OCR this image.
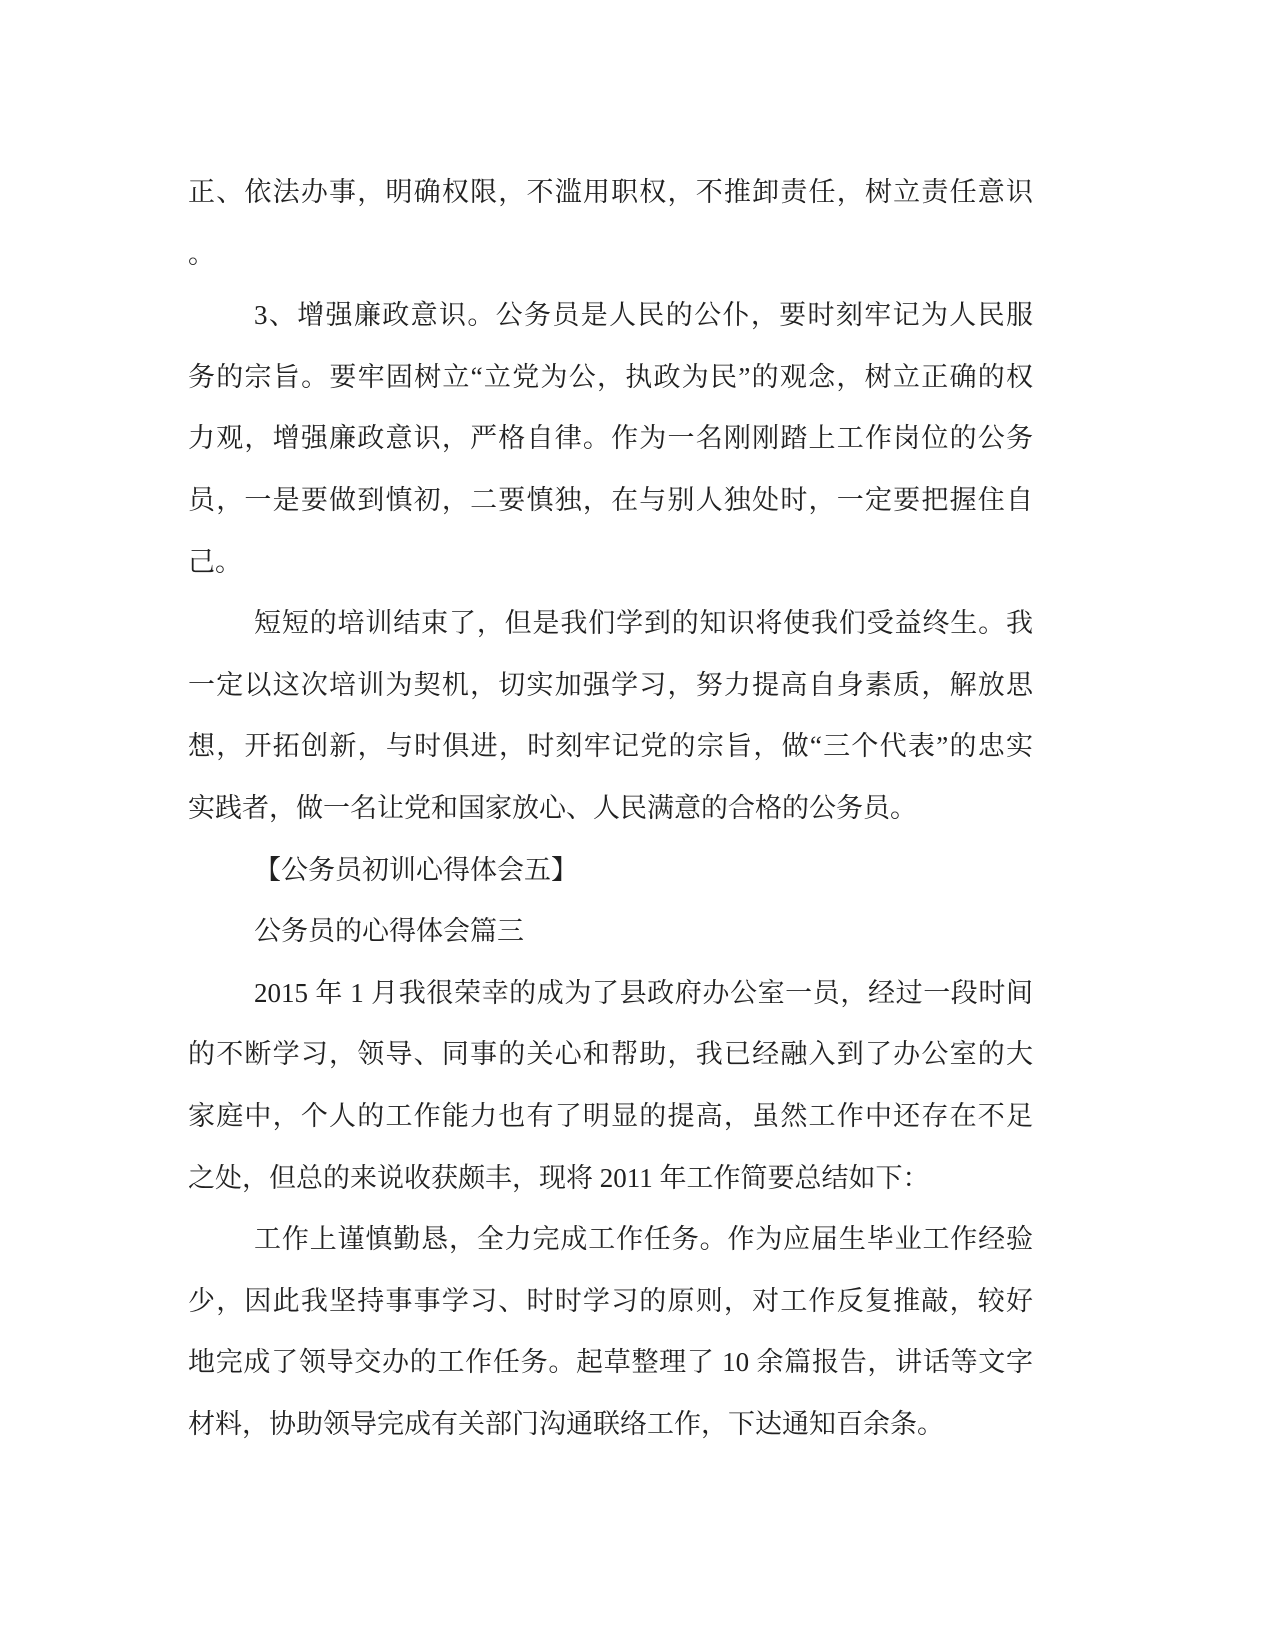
正、依法办事，明确权限，不滥用职权，不推卸责任，树立责任意识
。
3、增强廉政意识。公务员是人民的公仆，要时刻牢记为人民服
务的宗旨。要牢固树立“立党为公，执政为民”的观念，树立正确的权
力观，增强廉政意识，严格自律。作为一名刚刚踏上工作岗位的公务
员，一是要做到慎初，二要慎独，在与别人独处时，一定要把握住自
己。
短短的培训结束了，但是我们学到的知识将使我们受益终生。我
一定以这次培训为契机，切实加强学习，努力提高自身素质，解放思
想，开拓创新，与时俱进，时刻牢记党的宗旨，做“三个代表”的忠实
实践者，做一名让党和国家放心、人民满意的合格的公务员。
【公务员初训心得体会五】
公务员的心得体会篇三
2015 年 1 月我很荣幸的成为了县政府办公室一员，经过一段时间
的不断学习，领导、同事的关心和帮助，我已经融入到了办公室的大
家庭中，个人的工作能力也有了明显的提高，虽然工作中还存在不足
之处，但总的来说收获颇丰，现将 2011 年工作简要总结如下：
工作上谨慎勤恳，全力完成工作任务。作为应届生毕业工作经验
少，因此我坚持事事学习、时时学习的原则，对工作反复推敲，较好
地完成了领导交办的工作任务。起草整理了 10 余篇报告，讲话等文字
材料，协助领导完成有关部门沟通联络工作，下达通知百余条。
